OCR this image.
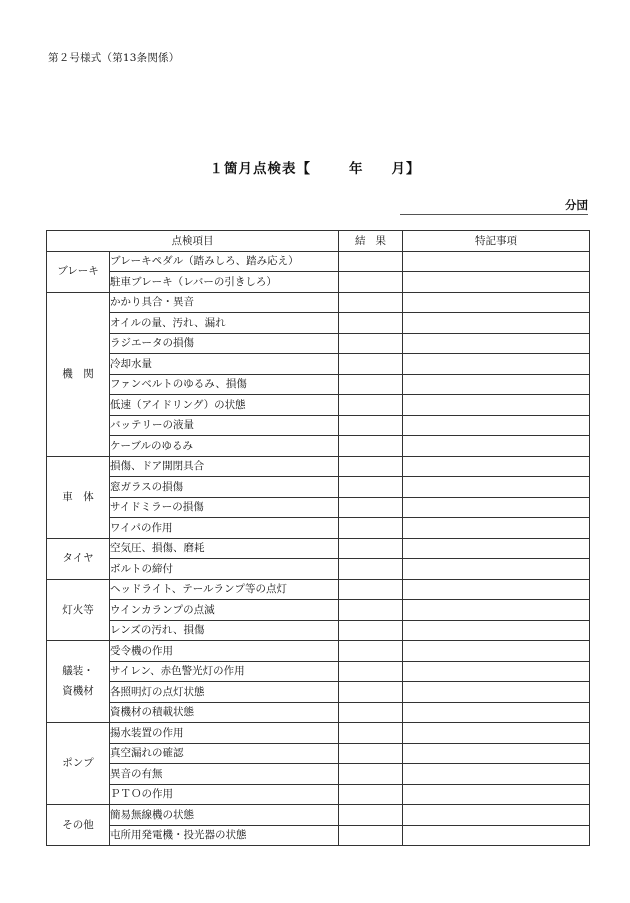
第２号様式（第13条関係）
１箇月点検表【	年 月】
分団
点検項目		結果	特記事項
ブレーキ	ブレーキペダル（踏みしろ、踏み応え）		
	駐車ブレーキ（レバーの引きしろ）		
機　関	かかり具合・異音		
	オイルの量、汚れ、漏れ		
	ラジエータの損傷		
	冷却水量		
	ファンベルトのゆるみ、損傷		
	低速（アイドリング）の状態		
	バッテリーの液量		
	ケーブルのゆるみ		
車　体	損傷、ドア開閉具合		
	窓ガラスの損傷		
	サイドミラーの損傷		
	ワイパの作用		
タイヤ	空気圧、損傷、磨耗		
	ボルトの締付		
灯火等	ヘッドライト、テールランプ等の点灯		
	ウインカランプの点滅		
	レンズの汚れ、損傷		
艤装・資機材	受令機の作用		
	サイレン、赤色警光灯の作用		
	各照明灯の点灯状態		
	資機材の積載状態		
ポンプ	揚水装置の作用		
	真空漏れの確認		
	異音の有無		
	ＰＴＯの作用		
その他	簡易無線機の状態		
	屯所用発電機・投光器の状態		
